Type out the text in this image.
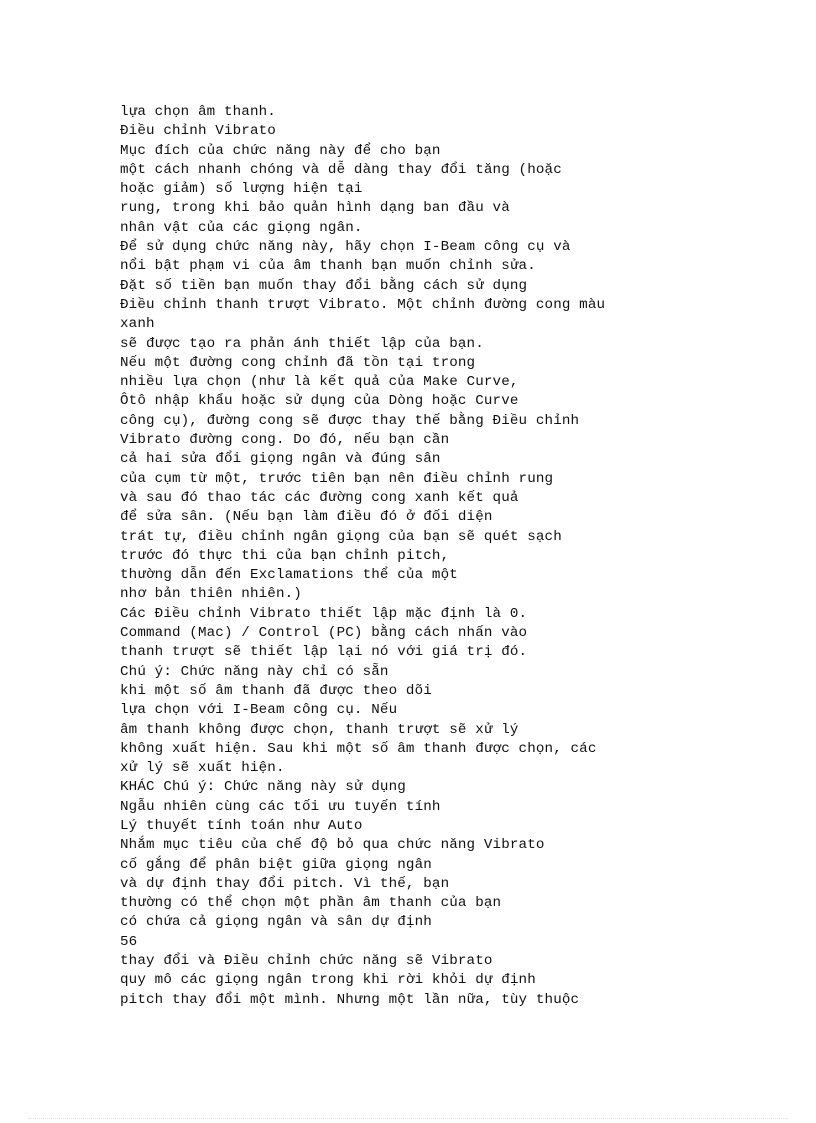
lựa chọn âm thanh.
Điều chỉnh Vibrato
Mục đích của chức năng này để cho bạn
một cách nhanh chóng và dễ dàng thay đổi tăng (hoặc
hoặc giảm) số lượng hiện tại
rung, trong khi bảo quản hình dạng ban đầu và
nhân vật của các giọng ngân.
Để sử dụng chức năng này, hãy chọn I-Beam công cụ và
nổi bật phạm vi của âm thanh bạn muốn chỉnh sửa.
Đặt số tiền bạn muốn thay đổi bằng cách sử dụng
Điều chỉnh thanh trượt Vibrato. Một chỉnh đường cong màu
xanh
sẽ được tạo ra phản ánh thiết lập của bạn.
Nếu một đường cong chỉnh đã tồn tại trong
nhiều lựa chọn (như là kết quả của Make Curve,
Ôtô nhập khẩu hoặc sử dụng của Dòng hoặc Curve
công cụ), đường cong sẽ được thay thế bằng Điều chỉnh
Vibrato đường cong. Do đó, nếu bạn cần
cả hai sửa đổi giọng ngân và đúng sân
của cụm từ một, trước tiên bạn nên điều chỉnh rung
và sau đó thao tác các đường cong xanh kết quả
để sửa sân. (Nếu bạn làm điều đó ở đối diện
trát tự, điều chỉnh ngân giọng của bạn sẽ quét sạch
trước đó thực thi của bạn chỉnh pitch,
thường dẫn đến Exclamations thể của một
nhơ bản thiên nhiên.)
Các Điều chỉnh Vibrato thiết lập mặc định là 0.
Command (Mac) / Control (PC) bằng cách nhấn vào
thanh trượt sẽ thiết lập lại nó với giá trị đó.
Chú ý: Chức năng này chỉ có sẵn
khi một số âm thanh đã được theo dõi
lựa chọn với I-Beam công cụ. Nếu
âm thanh không được chọn, thanh trượt sẽ xử lý
không xuất hiện. Sau khi một số âm thanh được chọn, các
xử lý sẽ xuất hiện.
KHÁC Chú ý: Chức năng này sử dụng
Ngẫu nhiên cùng các tối ưu tuyến tính
Lý thuyết tính toán như Auto
Nhắm mục tiêu của chế độ bỏ qua chức năng Vibrato
cố gắng để phân biệt giữa giọng ngân
và dự định thay đổi pitch. Vì thế, bạn
thường có thể chọn một phần âm thanh của bạn
có chứa cả giọng ngân và sân dự định
56
thay đổi và Điều chỉnh chức năng sẽ Vibrato
quy mô các giọng ngân trong khi rời khỏi dự định
pitch thay đổi một mình. Nhưng một lần nữa, tùy thuộc
